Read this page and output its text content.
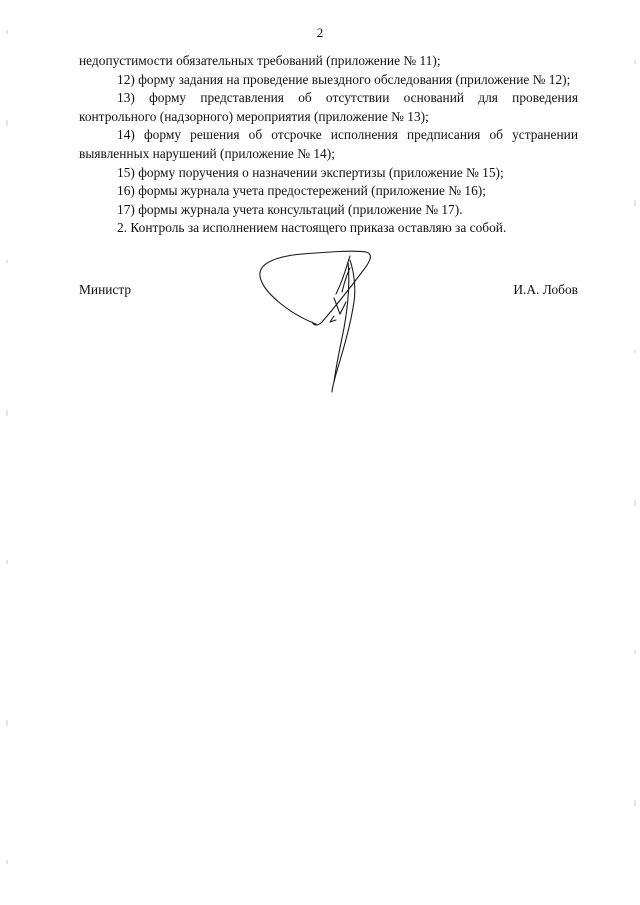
2

недопустимости обязательных требований (приложение № 11);

12) форму задания на проведение выездного обследования (приложение № 12);

13) форму представления об отсутствии оснований для проведения контрольного (надзорного) мероприятия (приложение № 13);

14) форму решения об отсрочке исполнения предписания об устранении выявленных нарушений (приложение № 14);

15) форму поручения о назначении экспертизы (приложение № 15);

16) формы журнала учета предостережений (приложение № 16);

17) формы журнала учета консультаций (приложение № 17).

2. Контроль за исполнением настоящего приказа оставляю за собой.

Министр	И.А. Лобов
